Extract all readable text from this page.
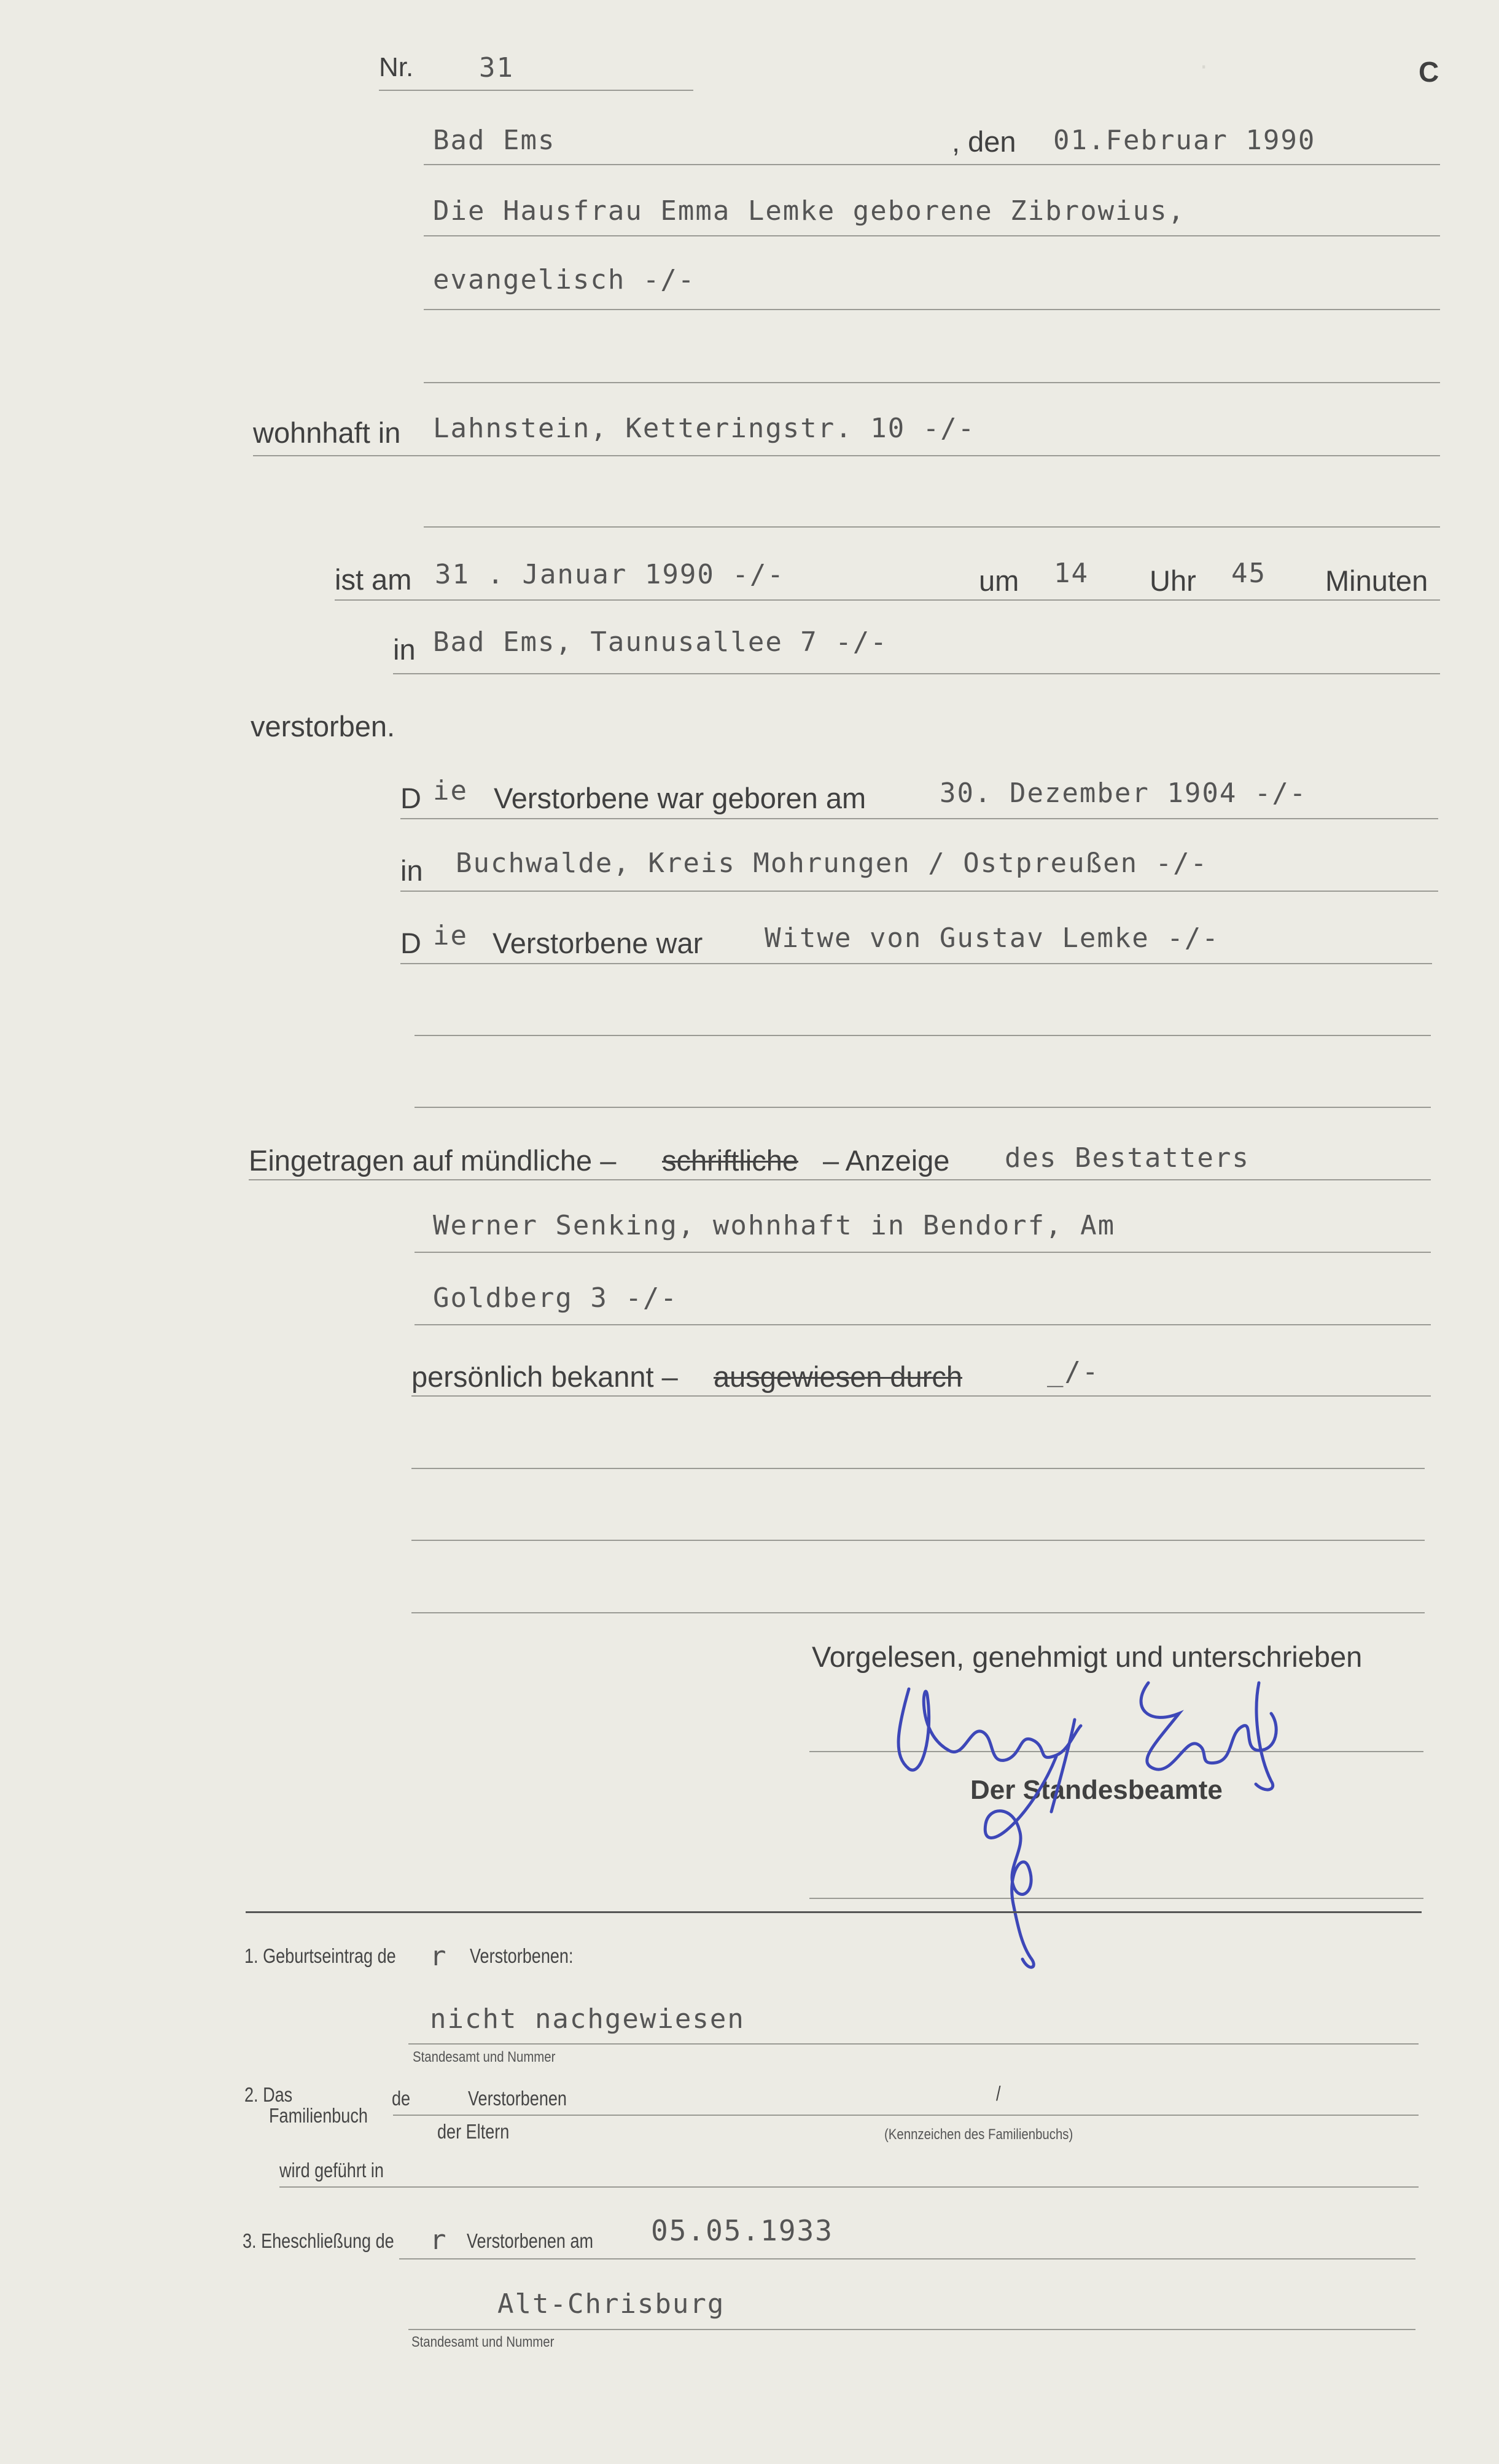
·
Nr. 31	C
Bad Ems	, den 01.Februar 1990
Die Hausfrau Emma Lemke geborene Zibrowius,
evangelisch -/-
wohnhaft in Lahnstein, Ketteringstr. 10 -/-
ist am 31 . Januar 1990 -/-	um 14 Uhr 45 Minuten
in Bad Ems, Taunusallee 7 -/-
verstorben.
D ie Verstorbene war geboren am	30. Dezember 1904 -/-
in Buchwalde, Kreis Mohrungen / Ostpreußen -/-
D ie Verstorbene war Witwe von Gustav Lemke -/-
Eingetragen auf mündliche – schriftliche – Anzeige des Bestatters
Werner Senking, wohnhaft in Bendorf, Am
Goldberg 3 -/-
persönlich bekannt – ausgewiesen durch	_/-
Vorgelesen, genehmigt und unterschrieben
Der Standesbeamte
1. Geburtseintrag de r Verstorbenen:
nicht nachgewiesen
Standesamt und Nummer
2. Das
Familienbuch
de	Verstorbenen
der Eltern
/
(Kennzeichen des Familienbuchs)
wird geführt in
3. Eheschließung de r Verstorbenen am 05.05.1933
Alt-Chrisburg
Standesamt und Nummer
